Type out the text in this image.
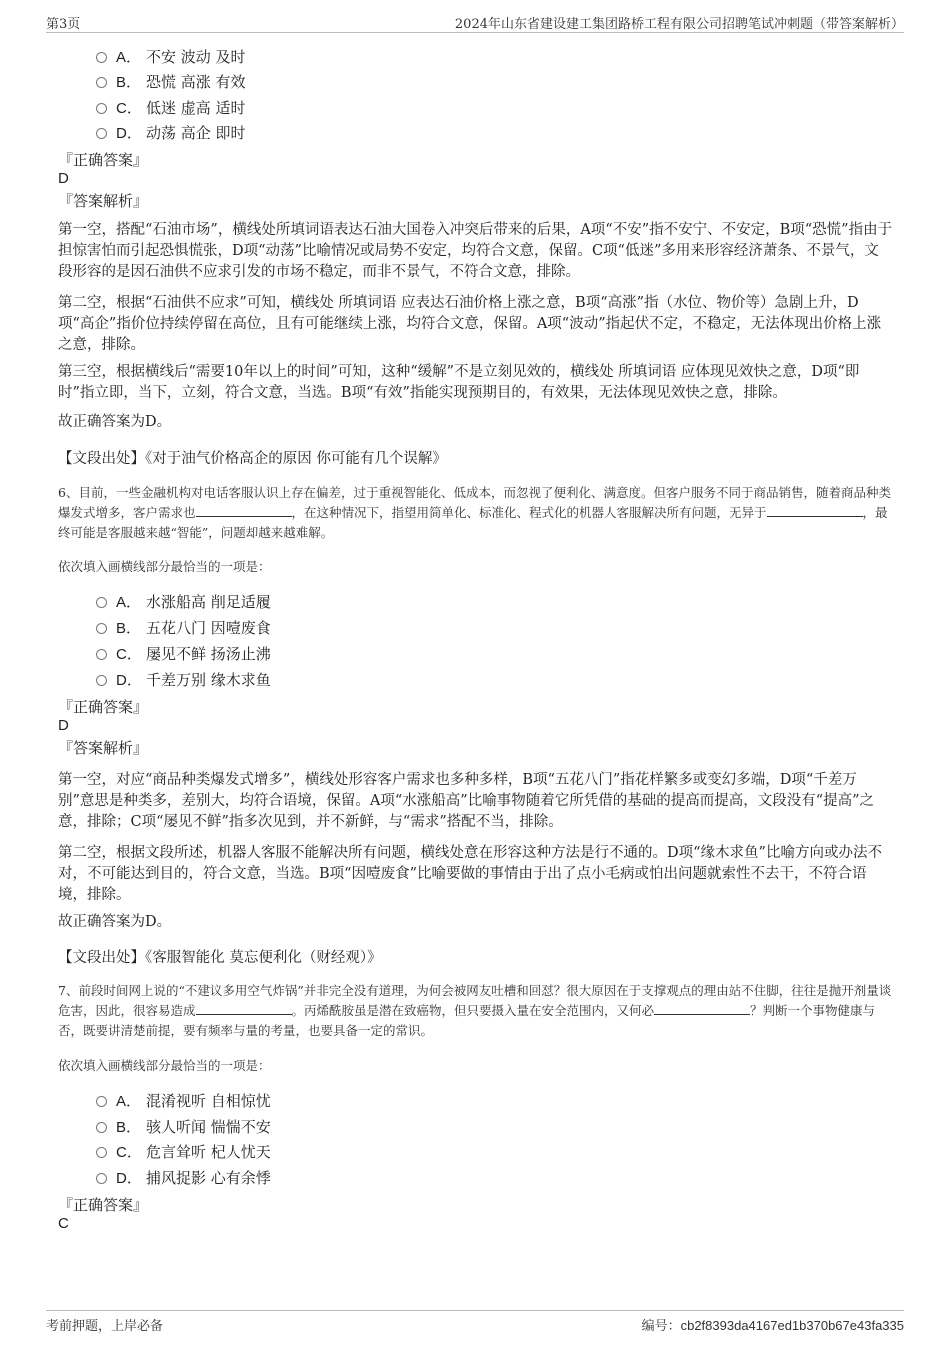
第3页	2024年山东省建设建工集团路桥工程有限公司招聘笔试冲刺题（带答案解析）
A． 不安 波动 及时
B． 恐慌 高涨 有效
C． 低迷 虚高 适时
D． 动荡 高企 即时
『正确答案』
D
『答案解析』
第一空，搭配“石油市场”，横线处所填词语表达石油大国卷入冲突后带来的后果，A项“不安”指不安宁、不安定，B项“恐慌”指由于担惊害怕而引起恐惧慌张，D项“动荡”比喻情况或局势不安定，均符合文意，保留。C项“低迷”多用来形容经济萧条、不景气，文段形容的是因石油供不应求引发的市场不稳定，而非不景气，不符合文意，排除。
第二空，根据“石油供不应求”可知，横线处 所填词语 应表达石油价格上涨之意，B项“高涨”指（水位、物价等）急剧上升，D项“高企”指价位持续停留在高位，且有可能继续上涨，均符合文意，保留。A项“波动”指起伏不定，不稳定，无法体现出价格上涨之意，排除。
第三空，根据横线后“需要10年以上的时间”可知，这种“缓解”不是立刻见效的，横线处 所填词语 应体现见效快之意，D项“即时”指立即，当下，立刻，符合文意，当选。B项“有效”指能实现预期目的，有效果，无法体现见效快之意，排除。
故正确答案为D。
【文段出处】《对于油气价格高企的原因 你可能有几个误解》
6、目前，一些金融机构对电话客服认识上存在偏差，过于重视智能化、低成本，而忽视了便利化、满意度。但客户服务不同于商品销售，随着商品种类爆发式增多，客户需求也	，在这种情况下，指望用简单化、标准化、程式化的机器人客服解决所有问题，无异于	，最终可能是客服越来越“智能”，问题却越来越难解。
依次填入画横线部分最恰当的一项是：
A． 水涨船高 削足适履
B． 五花八门 因噎废食
C． 屡见不鲜 扬汤止沸
D． 千差万别 缘木求鱼
『正确答案』
D
『答案解析』
第一空，对应“商品种类爆发式增多”，横线处形容客户需求也多种多样，B项“五花八门”指花样繁多或变幻多端，D项“千差万别”意思是种类多，差别大，均符合语境，保留。A项“水涨船高”比喻事物随着它所凭借的基础的提高而提高，文段没有“提高”之意，排除；C项“屡见不鲜”指多次见到，并不新鲜，与“需求”搭配不当，排除。
第二空，根据文段所述，机器人客服不能解决所有问题，横线处意在形容这种方法是行不通的。D项“缘木求鱼”比喻方向或办法不对，不可能达到目的，符合文意，当选。B项“因噎废食”比喻要做的事情由于出了点小毛病或怕出问题就索性不去干，不符合语境，排除。
故正确答案为D。
【文段出处】《客服智能化 莫忘便利化（财经观）》
7、前段时间网上说的“不建议多用空气炸锅”并非完全没有道理，为何会被网友吐槽和回怼？很大原因在于支撑观点的理由站不住脚，往往是抛开剂量谈危害，因此，很容易造成	。丙烯酰胺虽是潜在致癌物，但只要摄入量在安全范围内，又何必	？判断一个事物健康与否，既要讲清楚前提，要有频率与量的考量，也要具备一定的常识。
依次填入画横线部分最恰当的一项是：
A． 混淆视听 自相惊忧
B． 骇人听闻 惴惴不安
C． 危言耸听 杞人忧天
D． 捕风捉影 心有余悸
『正确答案』
C
考前押题，上岸必备	编号：cb2f8393da4167ed1b370b67e43fa335
